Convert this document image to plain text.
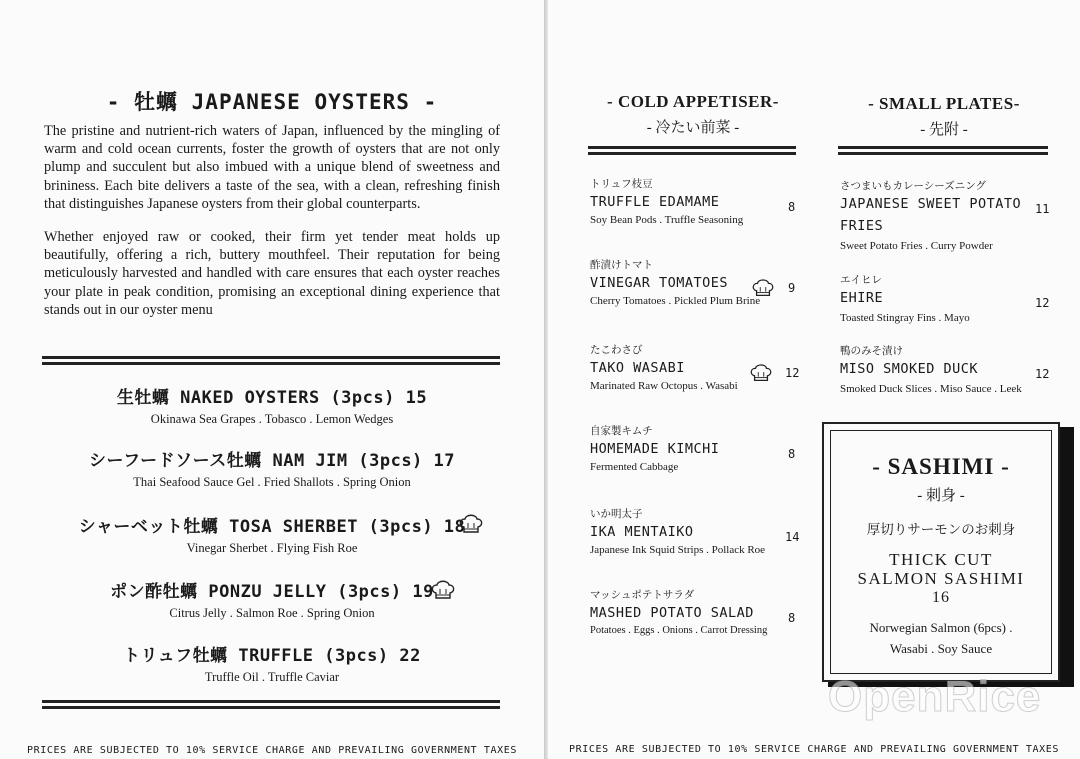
- 牡蠣 JAPANESE OYSTERS -

The pristine and nutrient-rich waters of Japan, influenced by the mingling of warm and cold ocean currents, foster the growth of oysters that are not only plump and succulent but also imbued with a unique blend of sweetness and brininess. Each bite delivers a taste of the sea, with a clean, refreshing finish that distinguishes Japanese oysters from their global counterparts.

Whether enjoyed raw or cooked, their firm yet tender meat holds up beautifully, offering a rich, buttery mouthfeel. Their reputation for being meticulously harvested and handled with care ensures that each oyster reaches your plate in peak condition, promising an exceptional dining experience that stands out in our oyster menu

生牡蠣 NAKED OYSTERS (3pcs) 15
Okinawa Sea Grapes . Tobasco . Lemon Wedges
シーフードソース牡蠣 NAM JIM (3pcs) 17
Thai Seafood Sauce Gel . Fried Shallots . Spring Onion
シャーベット牡蠣 TOSA SHERBET (3pcs) 18
Vinegar Sherbet . Flying Fish Roe
ポン酢牡蠣 PONZU JELLY (3pcs) 19
Citrus Jelly . Salmon Roe . Spring Onion
トリュフ牡蠣 TRUFFLE (3pcs) 22
Truffle Oil . Truffle Caviar
PRICES ARE SUBJECTED TO 10% SERVICE CHARGE AND PREVAILING GOVERNMENT TAXES
- COLD APPETISER-
- 冷たい前菜 -
トリュフ枝豆
TRUFFLE EDAMAME
Soy Bean Pods . Truffle Seasoning
8
酢漬けトマト
VINEGAR TOMATOES
Cherry Tomatoes . Pickled Plum Brine
9
たこわさび
TAKO WASABI
Marinated Raw Octopus . Wasabi
12
自家製キムチ
HOMEMADE KIMCHI
Fermented Cabbage
8
いか明太子
IKA MENTAIKO
Japanese Ink Squid Strips . Pollack Roe
14
マッシュポテトサラダ
MASHED POTATO SALAD
Potatoes . Eggs . Onions . Carrot Dressing
8
- SMALL PLATES-
- 先附 -
さつまいもカレーシーズニング
JAPANESE SWEET POTATO
FRIES
Sweet Potato Fries . Curry Powder
11
エイヒレ
EHIRE
Toasted Stingray Fins . Mayo
12
鴨のみそ漬け
MISO SMOKED DUCK
Smoked Duck Slices . Miso Sauce . Leek
12
- SASHIMI -
- 刺身 -
厚切りサーモンのお刺身
THICK CUT
SALMON SASHIMI
16
Norwegian Salmon (6pcs) .
Wasabi . Soy Sauce
OpenRice
PRICES ARE SUBJECTED TO 10% SERVICE CHARGE AND PREVAILING GOVERNMENT TAXES
